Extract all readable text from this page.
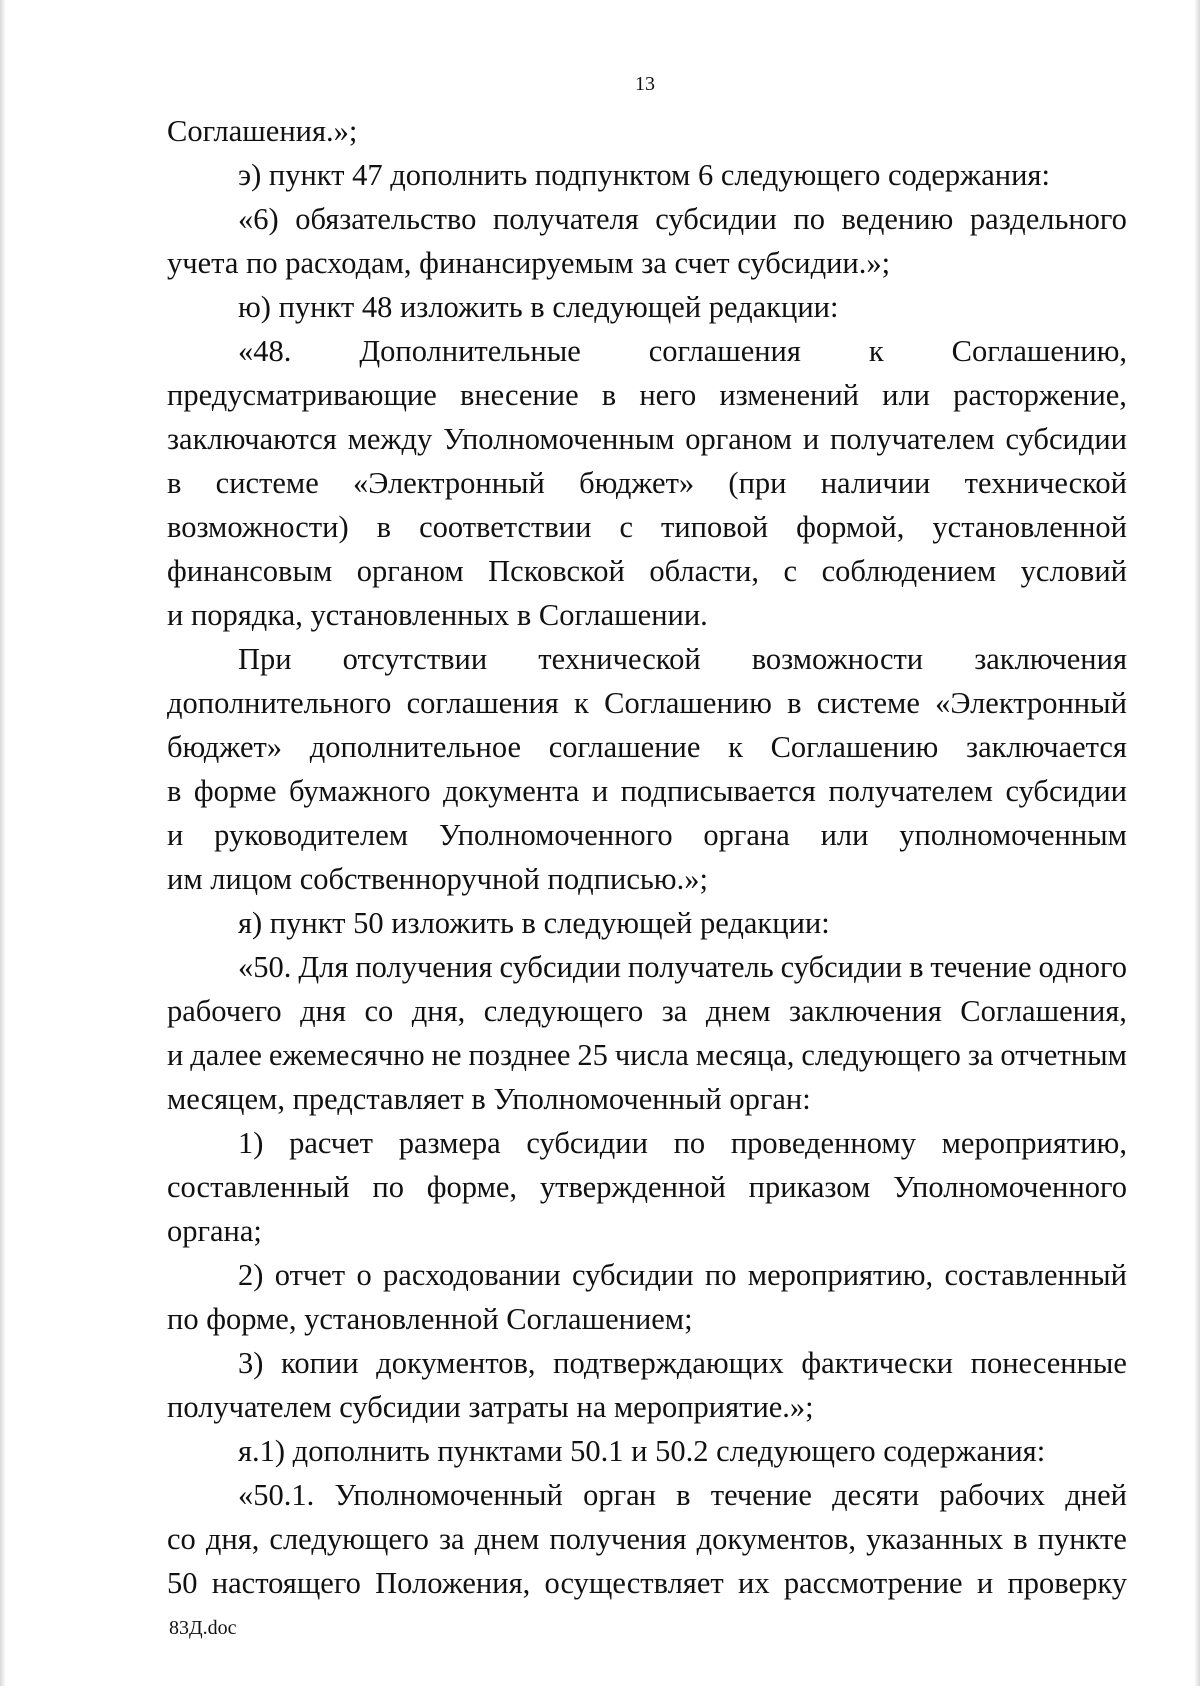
13
Соглашения.»;
э) пункт 47 дополнить подпунктом 6 следующего содержания:
«6) обязательство получателя субсидии по ведению раздельного
учета по расходам, финансируемым за счет субсидии.»;
ю) пункт 48 изложить в следующей редакции:
«48. Дополнительные соглашения к Соглашению,
предусматривающие внесение в него изменений или расторжение,
заключаются между Уполномоченным органом и получателем субсидии
в системе «Электронный бюджет» (при наличии технической
возможности) в соответствии с типовой формой, установленной
финансовым органом Псковской области, с соблюдением условий
и порядка, установленных в Соглашении.
При отсутствии технической возможности заключения
дополнительного соглашения к Соглашению в системе «Электронный
бюджет» дополнительное соглашение к Соглашению заключается
в форме бумажного документа и подписывается получателем субсидии
и руководителем Уполномоченного органа или уполномоченным
им лицом собственноручной подписью.»;
я) пункт 50 изложить в следующей редакции:
«50. Для получения субсидии получатель субсидии в течение одного
рабочего дня со дня, следующего за днем заключения Соглашения,
и далее ежемесячно не позднее 25 числа месяца, следующего за отчетным
месяцем, представляет в Уполномоченный орган:
1) расчет размера субсидии по проведенному мероприятию,
составленный по форме, утвержденной приказом Уполномоченного
органа;
2) отчет о расходовании субсидии по мероприятию, составленный
по форме, установленной Соглашением;
3) копии документов, подтверждающих фактически понесенные
получателем субсидии затраты на мероприятие.»;
я.1) дополнить пунктами 50.1 и 50.2 следующего содержания:
«50.1. Уполномоченный орган в течение десяти рабочих дней
со дня, следующего за днем получения документов, указанных в пункте
50 настоящего Положения, осуществляет их рассмотрение и проверку
83Д.doc
